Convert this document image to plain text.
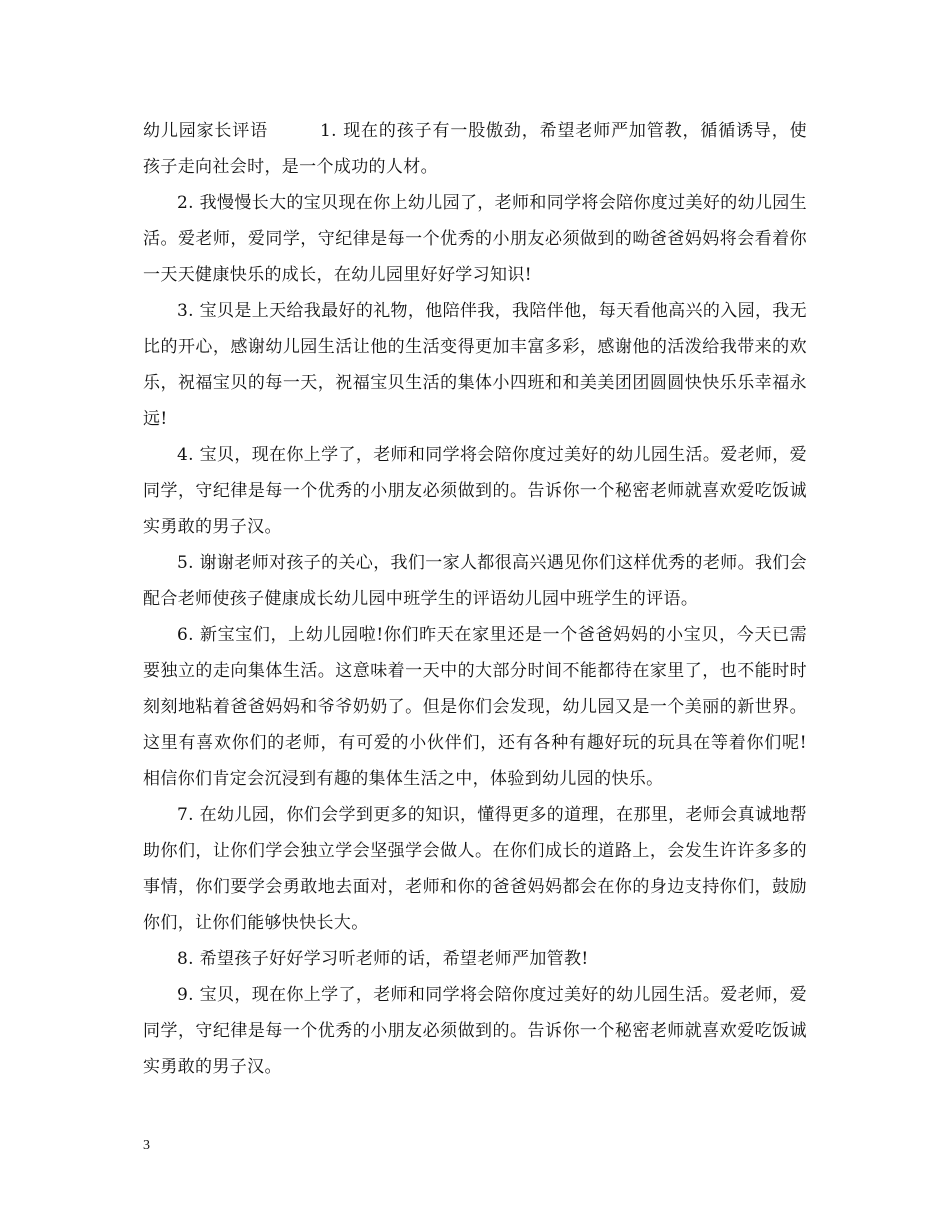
幼儿园家长评语	1. 现在的孩子有一股傲劲，希望老师严加管教，循循诱导，使孩子走向社会时，是一个成功的人材。

2. 我慢慢长大的宝贝现在你上幼儿园了，老师和同学将会陪你度过美好的幼儿园生活。爱老师，爱同学，守纪律是每一个优秀的小朋友必须做到的呦爸爸妈妈将会看着你一天天健康快乐的成长，在幼儿园里好好学习知识!

3. 宝贝是上天给我最好的礼物，他陪伴我，我陪伴他，每天看他高兴的入园，我无比的开心，感谢幼儿园生活让他的生活变得更加丰富多彩，感谢他的活泼给我带来的欢乐，祝福宝贝的每一天，祝福宝贝生活的集体小四班和和美美团团圆圆快快乐乐幸福永远!

4. 宝贝，现在你上学了，老师和同学将会陪你度过美好的幼儿园生活。爱老师，爱同学，守纪律是每一个优秀的小朋友必须做到的。告诉你一个秘密老师就喜欢爱吃饭诚实勇敢的男子汉。

5. 谢谢老师对孩子的关心，我们一家人都很高兴遇见你们这样优秀的老师。我们会配合老师使孩子健康成长幼儿园中班学生的评语幼儿园中班学生的评语。

6. 新宝宝们，上幼儿园啦!你们昨天在家里还是一个爸爸妈妈的小宝贝，今天已需要独立的走向集体生活。这意味着一天中的大部分时间不能都待在家里了，也不能时时刻刻地粘着爸爸妈妈和爷爷奶奶了。但是你们会发现，幼儿园又是一个美丽的新世界。这里有喜欢你们的老师，有可爱的小伙伴们，还有各种有趣好玩的玩具在等着你们呢!相信你们肯定会沉浸到有趣的集体生活之中，体验到幼儿园的快乐。

7. 在幼儿园，你们会学到更多的知识，懂得更多的道理，在那里，老师会真诚地帮助你们，让你们学会独立学会坚强学会做人。在你们成长的道路上，会发生许许多多的事情，你们要学会勇敢地去面对，老师和你的爸爸妈妈都会在你的身边支持你们，鼓励你们，让你们能够快快长大。

8. 希望孩子好好学习听老师的话，希望老师严加管教!

9. 宝贝，现在你上学了，老师和同学将会陪你度过美好的幼儿园生活。爱老师，爱同学，守纪律是每一个优秀的小朋友必须做到的。告诉你一个秘密老师就喜欢爱吃饭诚实勇敢的男子汉。

3
